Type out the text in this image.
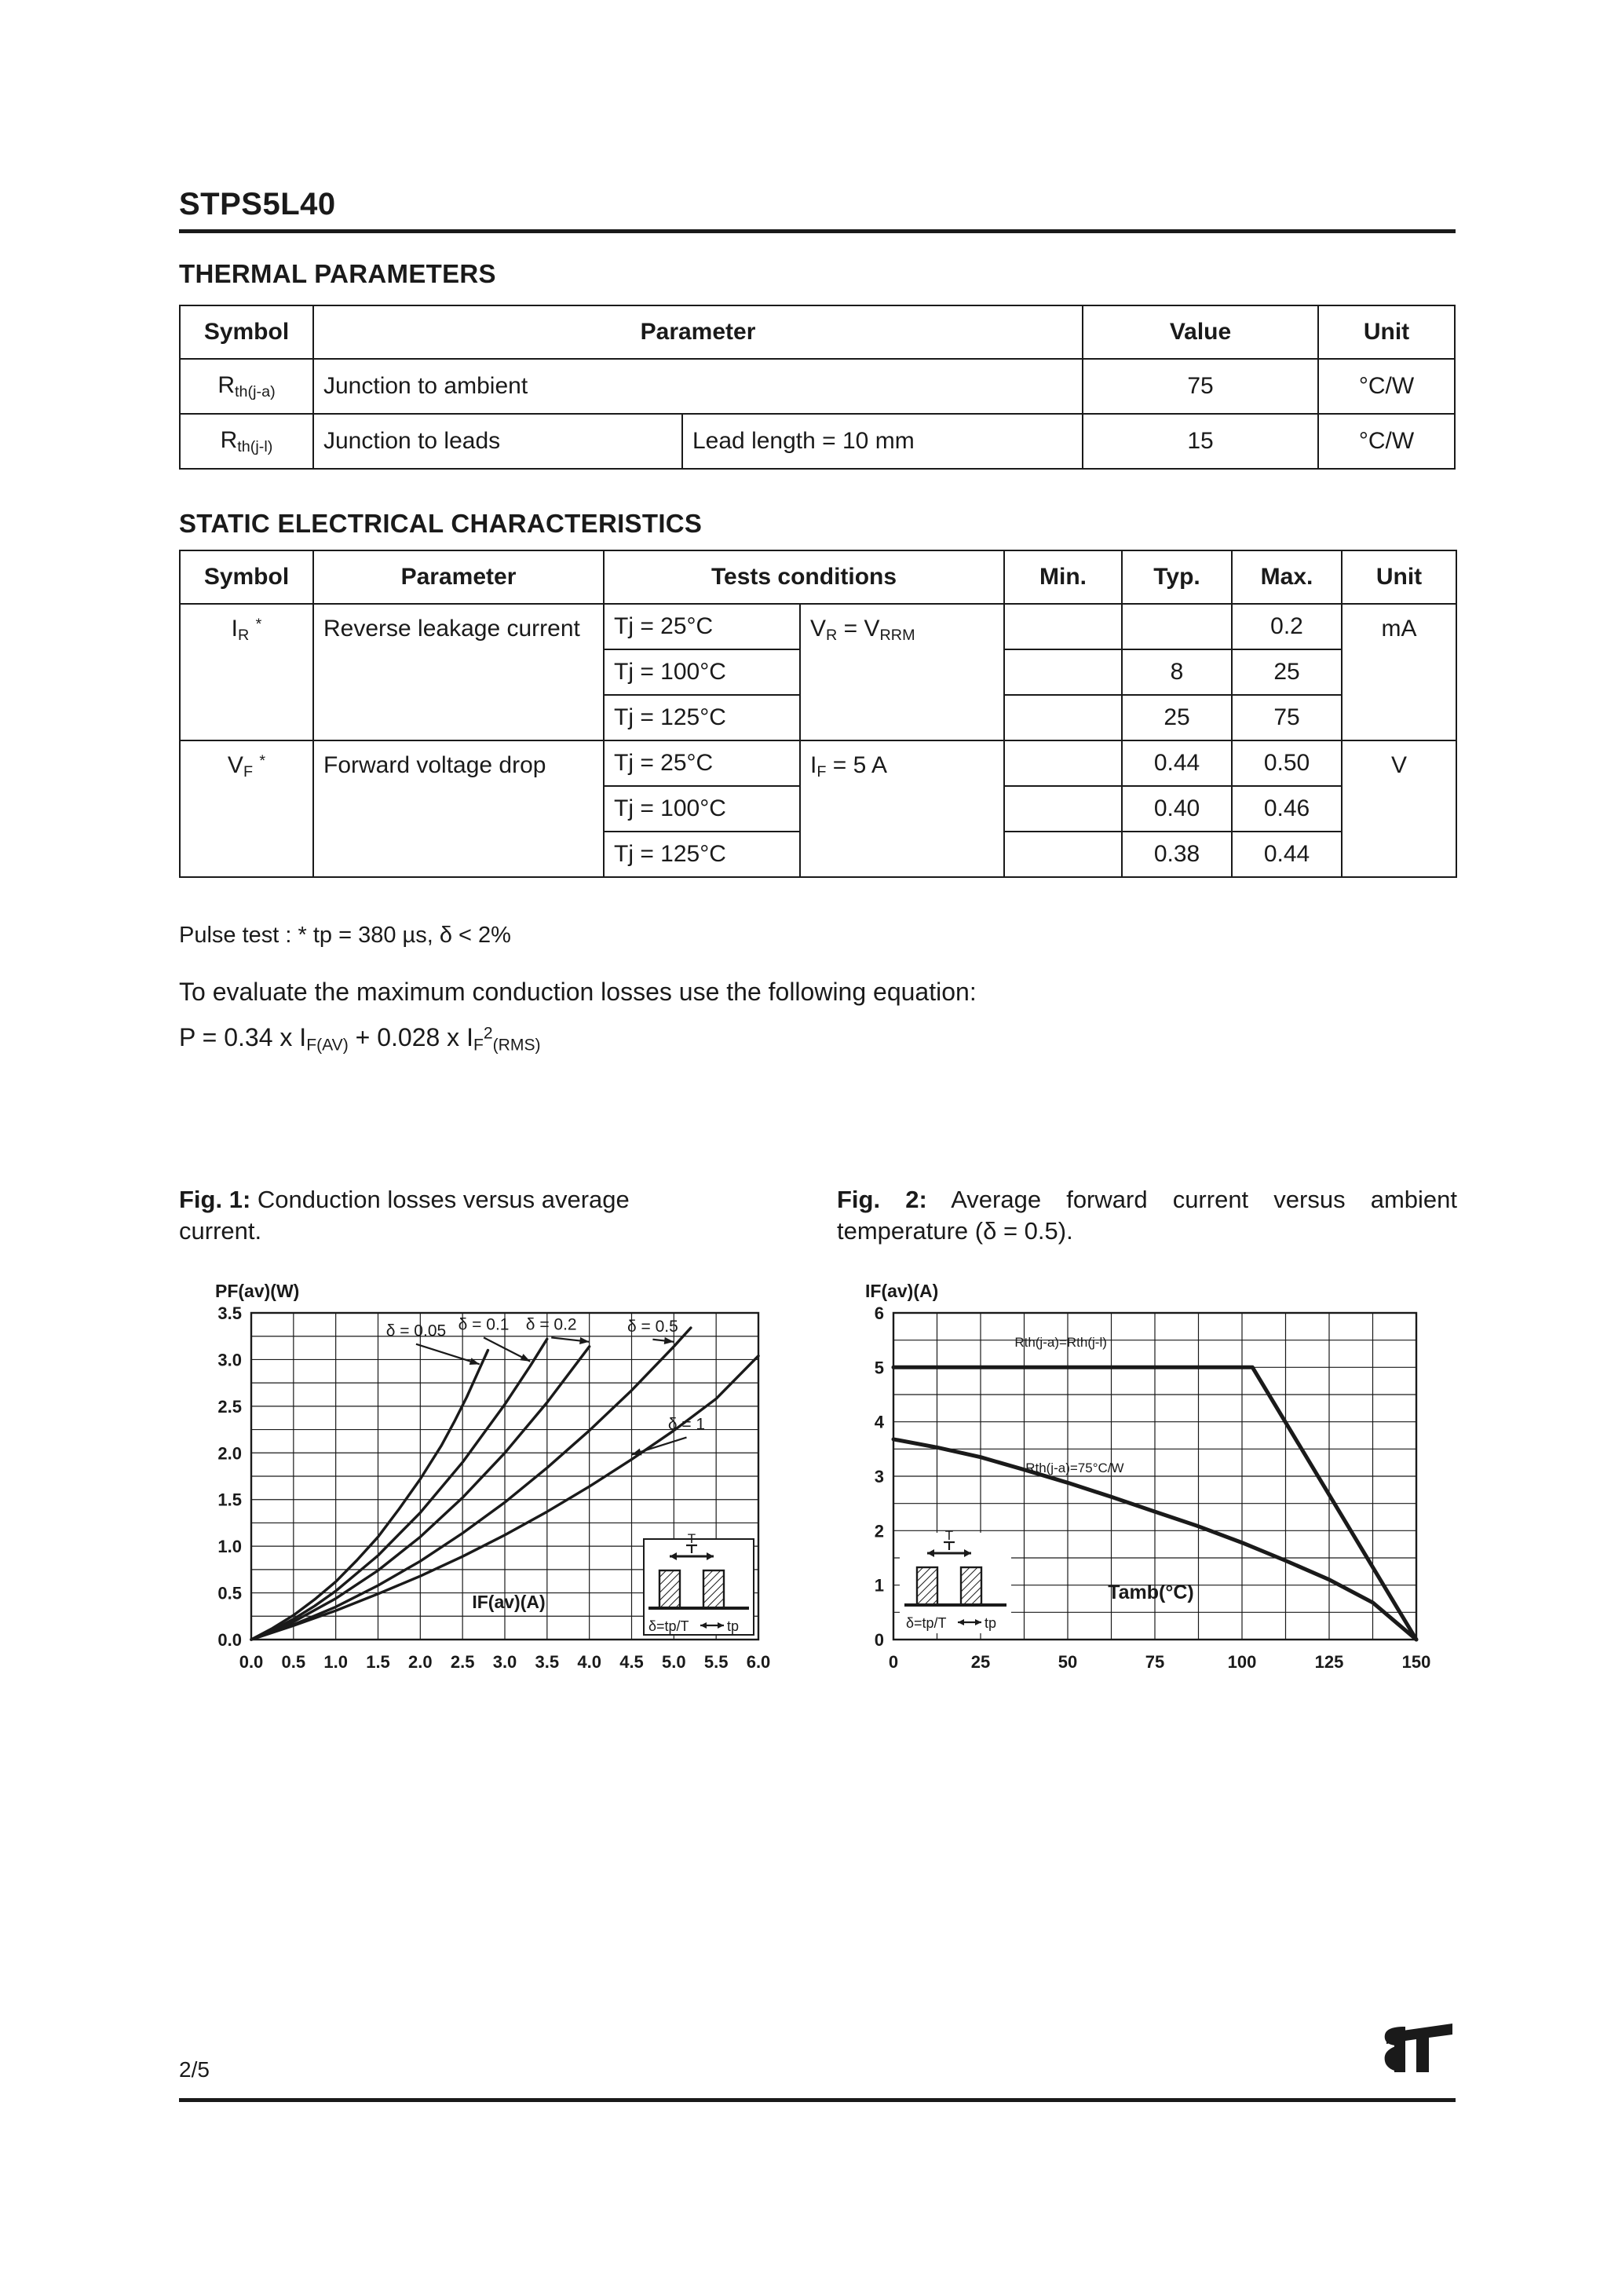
STPS5L40
THERMAL PARAMETERS
Symbol	Parameter		Value	Unit
$R_{th(j-a)}$	Junction to ambient		75	°C/W
$R_{th(j-l)}$	Junction to leads	Lead length = 10 mm	15	°C/W
STATIC ELECTRICAL CHARACTERISTICS
Symbol	Parameter	Tests conditions		Min.	Typ.	Max.	Unit
$I_R$ *	Reverse leakage current	Tj = 25°C	$V_R = V_{RRM}$			0.2	mA
		Tj = 100°C			8	25	
		Tj = 125°C			25	75	
$V_F$ *	Forward voltage drop	Tj = 25°C	$I_F = 5$ A		0.44	0.50	V
		Tj = 100°C			0.40	0.46	
		Tj = 125°C			0.38	0.44	
Pulse test : * tp = 380 µs, δ < 2%
To evaluate the maximum conduction losses use the following equation:
P = 0.34 x $I_{F(AV)} + 0.028$ x $I_F^2_{(RMS)}$
Fig. 1: Conduction losses versus average current.
Fig. 2: Average forward current versus ambient temperature (δ = 0.5).
PF(av)(W)
0.0
0.5
1.0
1.5
2.0
2.5
3.0
3.5
0.0 0.5 1.0 1.5 2.0 2.5 3.0 3.5 4.0 4.5 5.0 5.5 6.0
δ = 0.05 δ = 0.1 δ = 0.2	δ = 0.5
δ = 1
IF(av)(A)
T
δ=tp/T	tp
IF(av)(A)
0
1
2
3
4
5
6
0	25	50	75	100	125	150
Rth(j-a)=Rth(j-l)
Rth(j-a)=75°C/W
Tamb(°C)
T
δ=tp/T	tp
2/5
